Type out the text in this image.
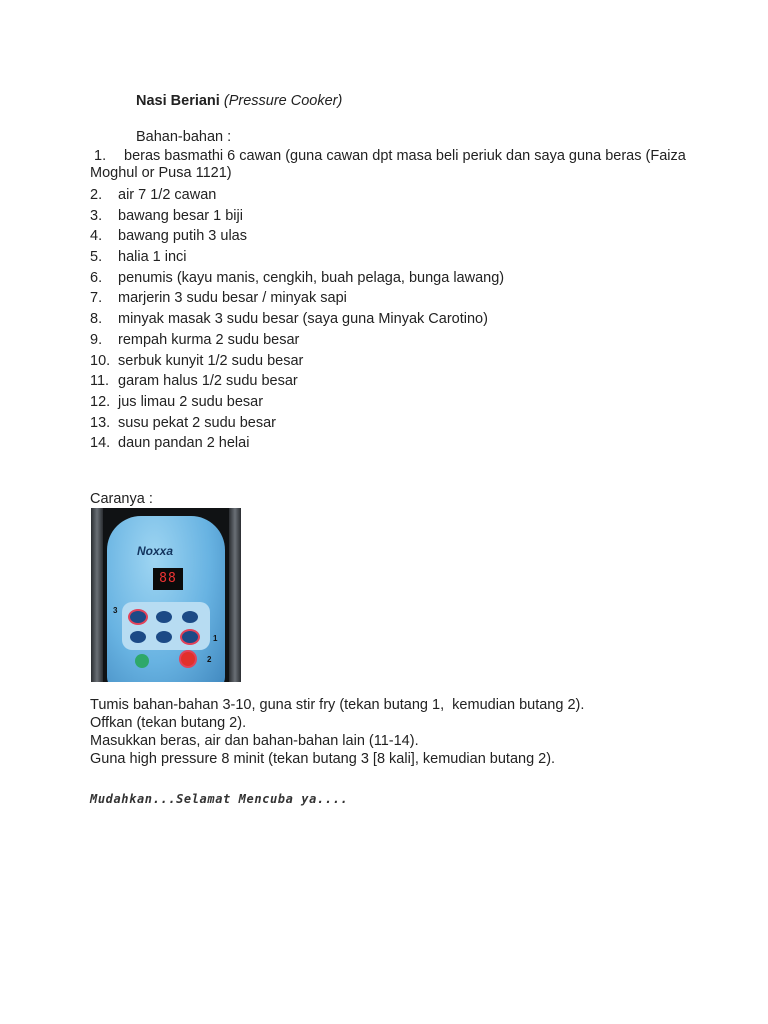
Nasi Beriani (Pressure Cooker)
Bahan-bahan :
1. beras basmathi 6 cawan (guna cawan dpt masa beli periuk dan saya guna beras (Faiza Moghul or Pusa 1121)
2. air 7 1/2 cawan
3. bawang besar 1 biji
4. bawang putih 3 ulas
5. halia 1 inci
6. penumis (kayu manis, cengkih, buah pelaga, bunga lawang)
7. marjerin 3 sudu besar / minyak sapi
8. minyak masak 3 sudu besar (saya guna Minyak Carotino)
9. rempah kurma 2 sudu besar
10. serbuk kunyit 1/2 sudu besar
11. garam halus 1/2 sudu besar
12. jus limau 2 sudu besar
13. susu pekat 2 sudu besar
14. daun pandan 2 helai
Caranya :
Noxxa
88
3
1
2
Tumis bahan-bahan 3-10, guna stir fry (tekan butang 1,  kemudian butang 2).
Offkan (tekan butang 2).
Masukkan beras, air dan bahan-bahan lain (11-14).
Guna high pressure 8 minit (tekan butang 3 [8 kali], kemudian butang 2).
Mudahkan...Selamat Mencuba ya....
